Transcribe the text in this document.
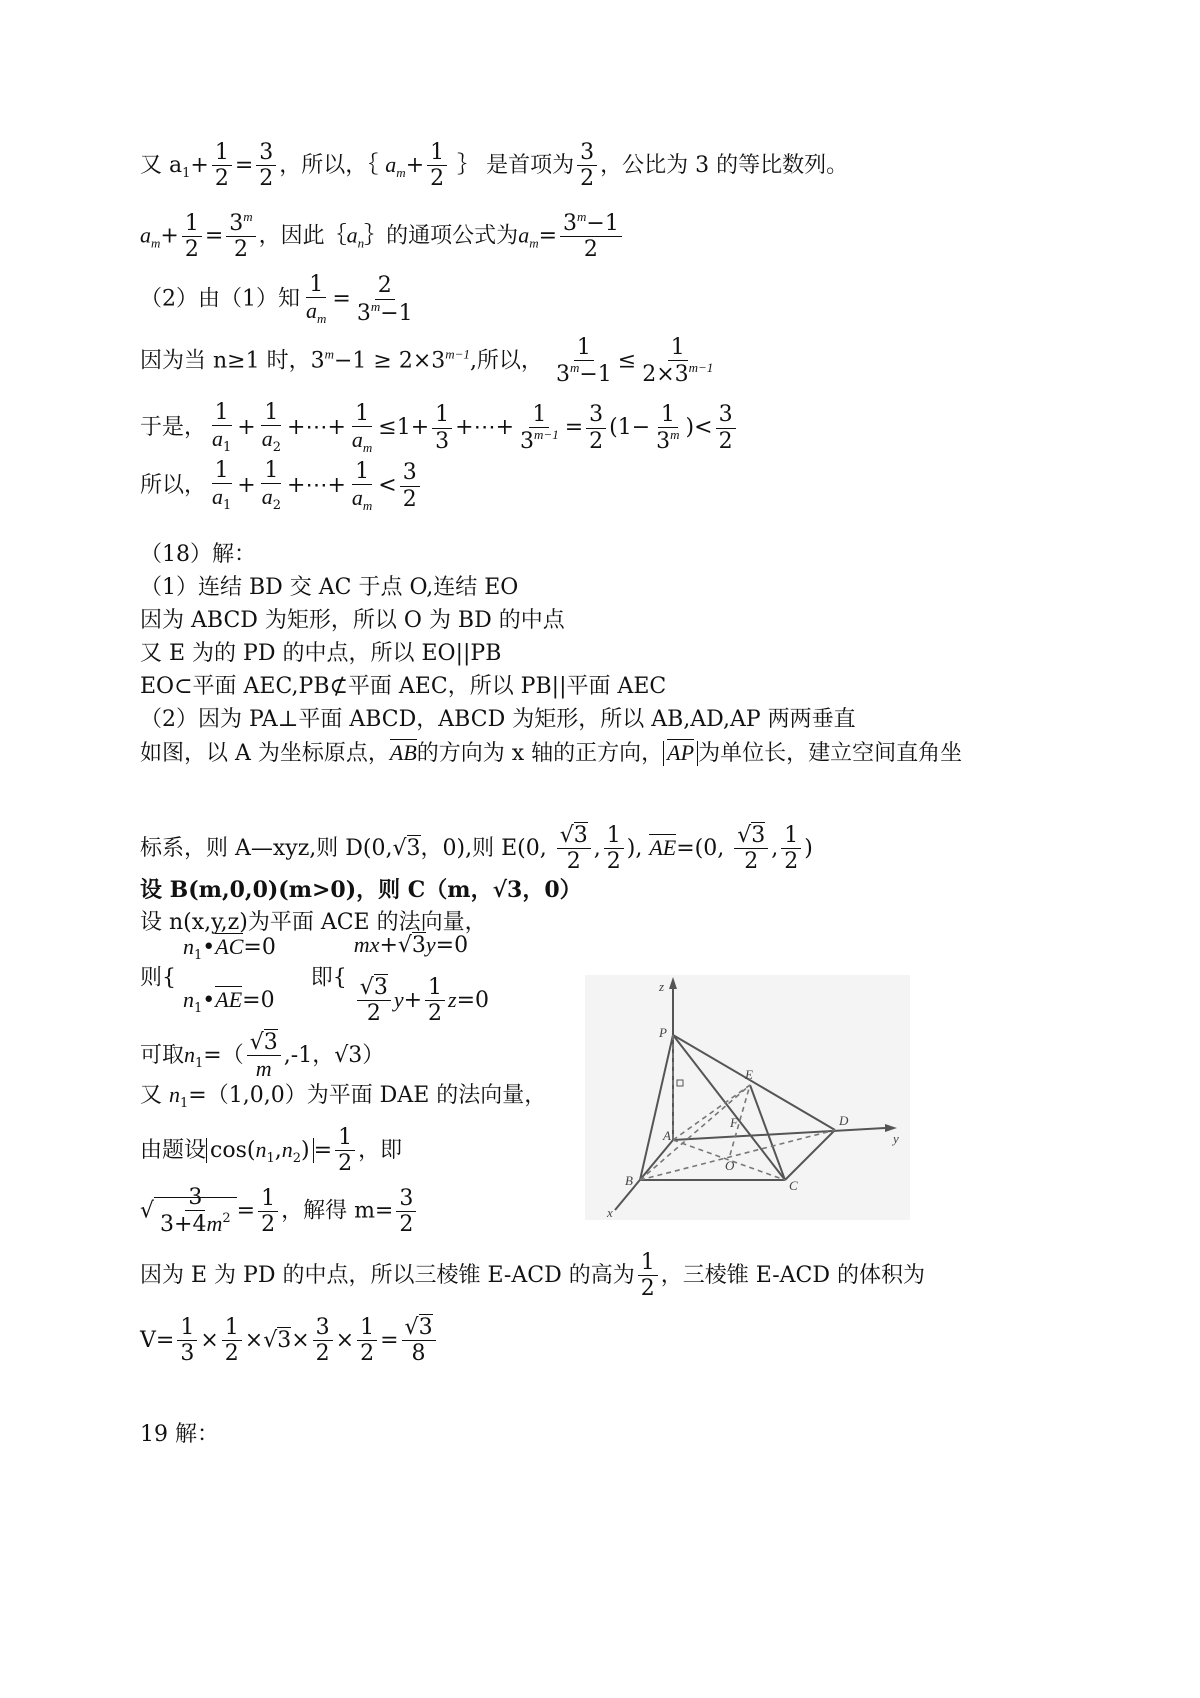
又 $a_1+ \frac{1}{2} = \frac{3}{2}$ ，所以，｛ $a_m+ \frac{1}{2}$ ｝ 是首项为 $\frac{3}{2}$ ，公比为 3 的等比数列。
$a_m+ \frac{1}{2} = \frac{3^m}{2}$ ，因此$\{a_n\}$的通项公式为$a_m= \frac{3^m-1}{2}$
（2）由（1）知 $\frac{1}{a_m} = \frac{2}{3^m-1}$
因为当 n≥1 时，$3^m-1 \ge 2\times 3^{m-1}$,所以， $\frac{1}{3^m-1} \le \frac{1}{2\times 3^{m-1}}$
于是， $\frac{1}{a_1} + \frac{1}{a_2}$ +⋯+ $\frac{1}{a_m} \le 1+ \frac{1}{3}$ +⋯+ $\frac{1}{3^{m-1}} = \frac{3}{2} (1- \frac{1}{3^m}$ )< $\frac{3}{2}$
所以， $\frac{1}{a_1} + \frac{1}{a_2}$ +⋯+ $\frac{1}{a_m} < \frac{3}{2}$
（18）解：
（1）连结 BD 交 AC 于点 O,连结 EO
因为 ABCD 为矩形，所以 O 为 BD 的中点
又 E 为的 PD 的中点，所以 EO||PB
EO⊂平面 AEC,PB⊄平面 AEC，所以 PB||平面 AEC
（2）因为 PA⊥平面 ABCD，ABCD 为矩形，所以 AB,AD,AP 两两垂直
如图，以 A 为坐标原点，AB的方向为 x 轴的正方向， AP 为单位长，建立空间直角坐
标系，则 A—xyz,则 D(0,√3，0),则 E(0, $\frac{√3}{2}$ , $\frac{1}{2}$ ), AE=(0, $\frac{√3}{2}$ , $\frac{1}{2}$ )
设 B(m,0,0)(m>0)，则 C（m，√3，0）
设 n(x,y,z)为平面 ACE 的法向量，
则{
$n_1•AC=0$
$n_1•AE=0$
即{
mx+√3y=0
$\frac{√3}{2} y+ \frac{1}{2} z=0$
可取$n_1=( \frac{√3}{m} ,-1$，√3）
又 $n_1=(1,0,0)$为平面 DAE 的法向量，
由题设 $\cos(n_1,n_2) = \frac{1}{2}$ ，即
√ $\frac{3}{3+4m^2} = \frac{1}{2}$ ，解得 $m= \frac{3}{2}$
因为 E 为 PD 的中点，所以三棱锥 E-ACD 的高为 $\frac{1}{2}$ ，三棱锥 E-ACD 的体积为
$V= \frac{1}{3} \times \frac{1}{2} \times√3\times \frac{3}{2} \times \frac{1}{2} = \frac{√3}{8}$
19 解：
z
P
E
A
F
O
D
y
B	C
x
